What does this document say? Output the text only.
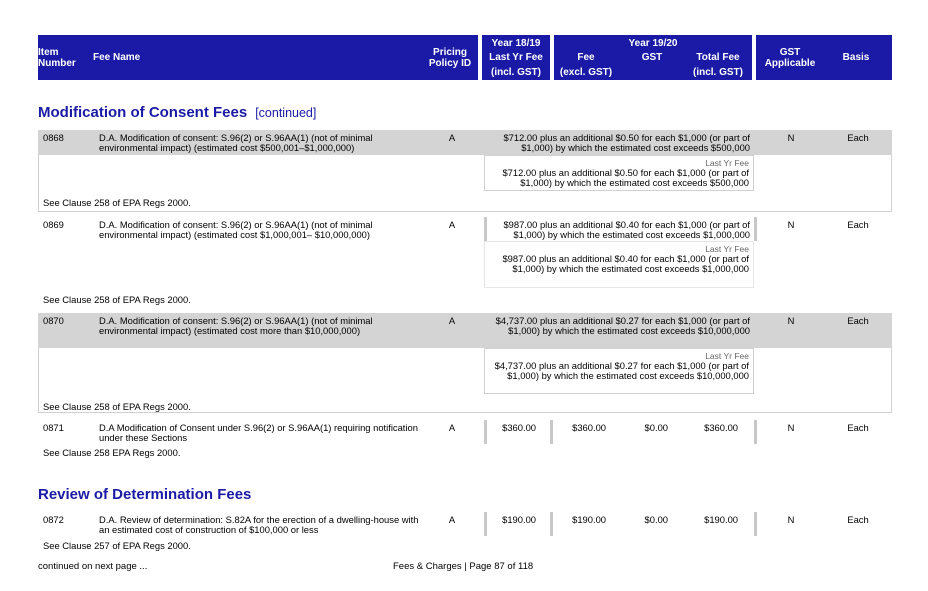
Item Number
Fee Name	Pricing Policy ID
Year 18/19
Last Yr Fee
(incl. GST)
Year 19/20
Fee
(excl. GST)
GST	Total Fee
(incl. GST)
GST Applicable
Basis
Modification of Consent Fees [continued]
0868	D.A. Modification of consent: S.96(2) or S.96AA(1) (not of minimal environmental impact) (estimated cost $500,001–$1,000,000)
A	$712.00 plus an additional $0.50 for each $1,000 (or part of $1,000) by which the estimated cost exceeds $500,000
N	Each
Last Yr Fee
$712.00 plus an additional $0.50 for each $1,000 (or part of $1,000) by which the estimated cost exceeds $500,000
See Clause 258 of EPA Regs 2000.
0869	D.A. Modification of consent: S.96(2) or S.96AA(1) (not of minimal environmental impact) (estimated cost $1,000,001– $10,000,000)
A	$987.00 plus an additional $0.40 for each $1,000 (or part of $1,000) by which the estimated cost exceeds $1,000,000
N	Each
Last Yr Fee
$987.00 plus an additional $0.40 for each $1,000 (or part of $1,000) by which the estimated cost exceeds $1,000,000
See Clause 258 of EPA Regs 2000.
0870	D.A. Modification of consent: S.96(2) or S.96AA(1) (not of minimal environmental impact) (estimated cost more than $10,000,000)
A	$4,737.00 plus an additional $0.27 for each $1,000 (or part of $1,000) by which the estimated cost exceeds $10,000,000
N	Each
Last Yr Fee
$4,737.00 plus an additional $0.27 for each $1,000 (or part of $1,000) by which the estimated cost exceeds $10,000,000
See Clause 258 of EPA Regs 2000.
0871	D.A Modification of Consent under S.96(2) or S.96AA(1) requiring notification under these Sections
A	$360.00	$360.00	$0.00	$360.00	N	Each
See Clause 258 EPA Regs 2000.
Review of Determination Fees
0872	D.A. Review of determination: S.82A for the erection of a dwelling-house with an estimated cost of construction of $100,000 or less
A	$190.00	$190.00	$0.00	$190.00	N	Each
See Clause 257 of EPA Regs 2000.
continued on next page ...	Fees & Charges | Page 87 of 118
